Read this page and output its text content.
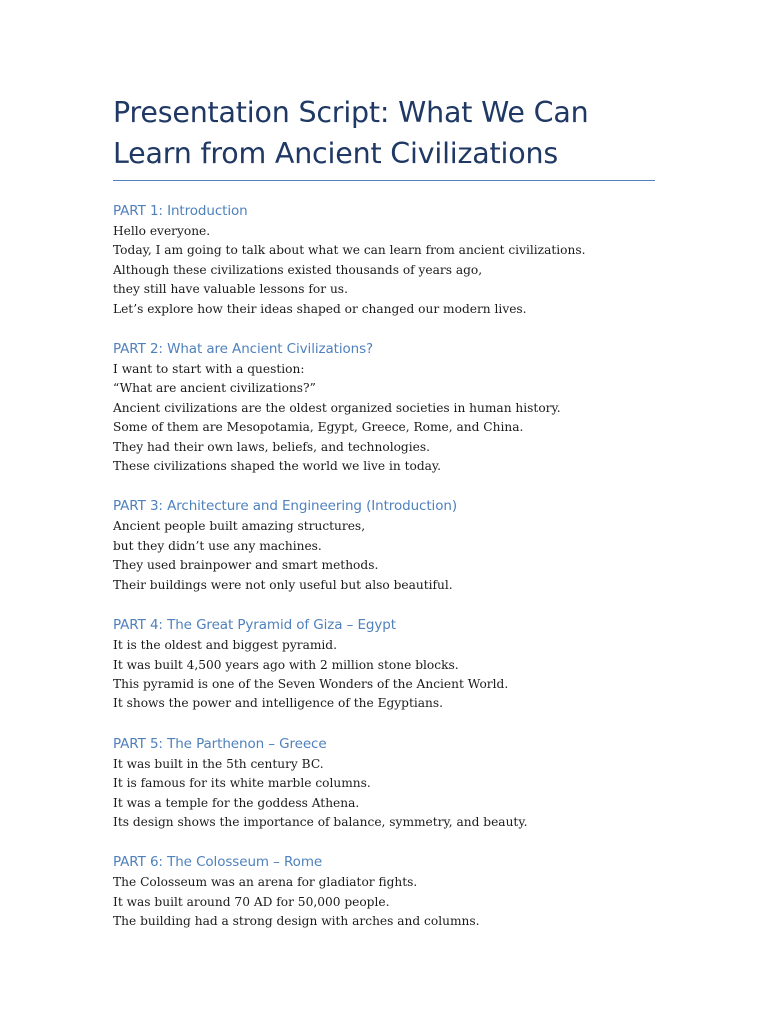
Presentation Script: What We Can Learn from Ancient Civilizations
PART 1: Introduction

Hello everyone.

Today, I am going to talk about what we can learn from ancient civilizations.

Although these civilizations existed thousands of years ago,

they still have valuable lessons for us.

Let’s explore how their ideas shaped or changed our modern lives.

PART 2: What are Ancient Civilizations?

I want to start with a question:

“What are ancient civilizations?”

Ancient civilizations are the oldest organized societies in human history.

Some of them are Mesopotamia, Egypt, Greece, Rome, and China.

They had their own laws, beliefs, and technologies.

These civilizations shaped the world we live in today.

PART 3: Architecture and Engineering (Introduction)

Ancient people built amazing structures,

but they didn’t use any machines.

They used brainpower and smart methods.

Their buildings were not only useful but also beautiful.

PART 4: The Great Pyramid of Giza – Egypt

It is the oldest and biggest pyramid.

It was built 4,500 years ago with 2 million stone blocks.

This pyramid is one of the Seven Wonders of the Ancient World.

It shows the power and intelligence of the Egyptians.

PART 5: The Parthenon – Greece

It was built in the 5th century BC.

It is famous for its white marble columns.

It was a temple for the goddess Athena.

Its design shows the importance of balance, symmetry, and beauty.

PART 6: The Colosseum – Rome

The Colosseum was an arena for gladiator fights.

It was built around 70 AD for 50,000 people.

The building had a strong design with arches and columns.
